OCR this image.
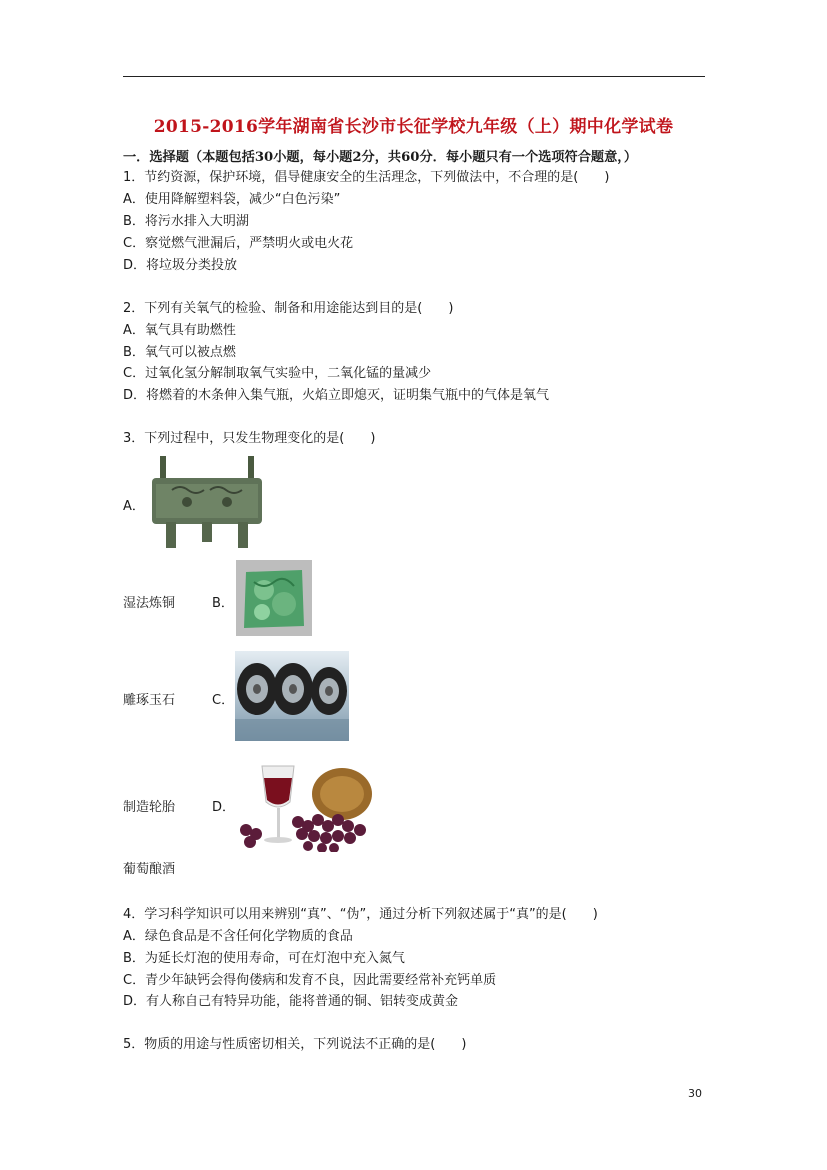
2015-2016学年湖南省长沙市长征学校九年级（上）期中化学试卷
一．选择题（本题包括30小题，每小题2分，共60分．每小题只有一个选项符合题意，）
1．节约资源，保护环境，倡导健康安全的生活理念，下列做法中，不合理的是(　　)
A．使用降解塑料袋，减少“白色污染”
B．将污水排入大明湖
C．察觉燃气泄漏后，严禁明火或电火花
D．将垃圾分类投放
2．下列有关氧气的检验、制备和用途能达到目的是(　　)
A．氧气具有助燃性
B．氧气可以被点燃
C．过氧化氢分解制取氧气实验中，二氧化锰的量减少
D．将燃着的木条伸入集气瓶，火焰立即熄灭，证明集气瓶中的气体是氧气
3．下列过程中，只发生物理变化的是(　　)
A．
湿法炼铜	B．
雕琢玉石	C．
制造轮胎	D．
葡萄酿酒
4．学习科学知识可以用来辨别“真”、“伪”，通过分析下列叙述属于“真”的是(　　)
A．绿色食品是不含任何化学物质的食品
B．为延长灯泡的使用寿命，可在灯泡中充入氮气
C．青少年缺钙会得佝偻病和发育不良，因此需要经常补充钙单质
D．有人称自己有特异功能，能将普通的铜、铝转变成黄金
5．物质的用途与性质密切相关，下列说法不正确的是(　　)
30
